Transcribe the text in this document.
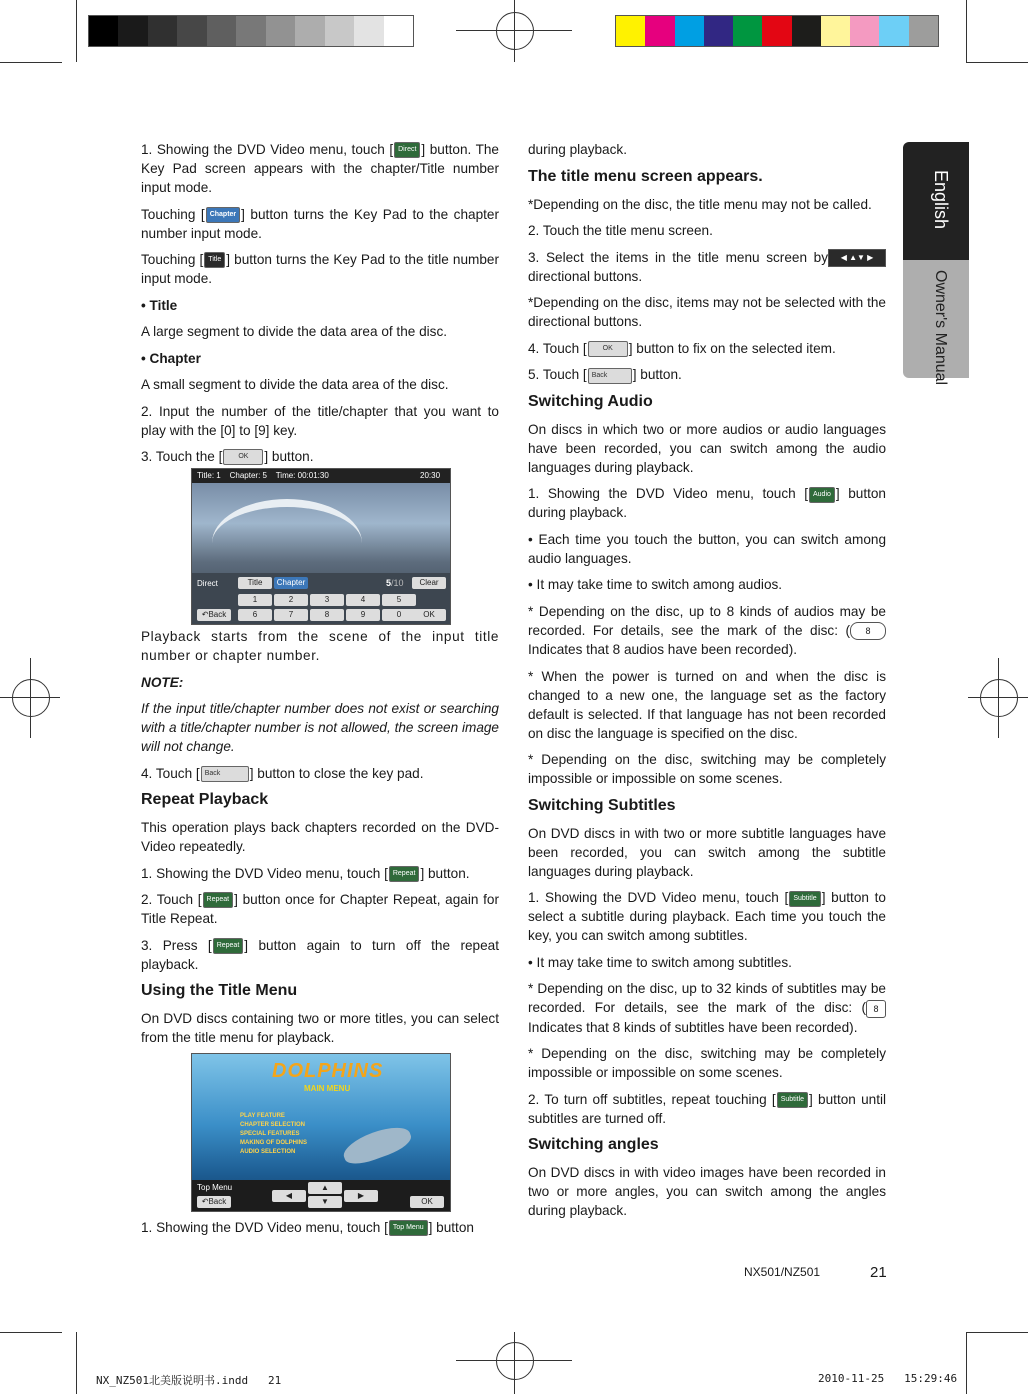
English
Owner's Manual

1. Showing the DVD Video menu, touch [ Direct ] button. The Key Pad screen appears with the chapter/Title number input mode.

Touching [ Chapter ] button turns the Key Pad to the chapter number input mode.

Touching [ Title ] button turns the Key Pad to the title number input mode.

• Title

A large segment to divide the data area of the disc.

• Chapter

A small segment to divide the data area of the disc.

2. Input the number of the title/chapter that you want to play with the [0] to [9] key.

3. Touch the [ OK ] button.

Title: 1    Chapter: 5    Time: 00:01:30	20:30
Direct	Title	Chapter	5/10	Clear
↶Back	OK
1	2	3	4	5
6	7	8	9	0

Playback starts from the scene of the input title number or chapter number.

NOTE:

If the input title/chapter number does not exist or searching with a title/chapter number is not allowed, the screen image will not change.

4. Touch [ Back ] button to close the key pad.

Repeat Playback

This operation plays back chapters recorded on the DVD-Video repeatedly.

1. Showing the DVD Video menu, touch [ Repeat ] button.

2. Touch [ Repeat ] button once for Chapter Repeat, again for Title Repeat.

3. Press [ Repeat ] button again to turn off the repeat playback.

Using the Title Menu

On DVD discs containing two or more titles, you can select from the title menu for playback.

DOLPHINS
MAIN MENU
PLAY FEATURE
CHAPTER SELECTION
SPECIAL FEATURES
MAKING OF DOLPHINS
AUDIO SELECTION
Top Menu
↶Back
◀
▲
▼
▶
OK

1. Showing the DVD Video menu, touch [ Top Menu ] button

during playback.

The title menu screen appears.

*Depending on the disc, the title menu may not be called.

2. Touch the title menu screen.

3. Select the items in the title menu screen by ◀ ▲▼ ▶ directional buttons.

*Depending on the disc, items may not be selected with the directional buttons.

4. Touch [ OK ] button to fix on the selected item.

5. Touch [ Back ] button.

Switching Audio

On discs in which two or more audios or audio languages have been recorded, you can switch among the audio languages during playback.

1. Showing the DVD Video menu, touch [ Audio ] button during playback.

• Each time you touch the button, you can switch among audio languages.

• It may take time to switch among audios.

* Depending on the disc, up to 8 kinds of audios may be recorded. For details, see the mark of the disc: ( 8Indicates that 8 audios have been recorded).

* When the power is turned on and when the disc is changed to a new one, the language set as the factory default is selected. If that language has not been recorded on disc the language is specified on the disc.

* Depending on the disc, switching may be completely impossible or impossible on some scenes.

Switching Subtitles

On DVD discs in with two or more subtitle languages have been recorded, you can switch among the subtitle languages during playback.

1. Showing the DVD Video menu, touch [ Subtitle ] button to select a subtitle during playback. Each time you touch the key, you can switch among subtitles.

• It may take time to switch among subtitles.

* Depending on the disc, up to 32 kinds of subtitles may be recorded. For details, see the mark of the disc: ( 8Indicates that 8 kinds of subtitles have been recorded).

* Depending on the disc, switching may be completely impossible or impossible on some scenes.

2. To turn off subtitles, repeat touching [ Subtitle ] button until subtitles are turned off.

Switching angles

On DVD discs in with video images have been recorded in two or more angles, you can switch among the angles during playback.

NX501/NZ501	21
NX_NZ501北美版说明书.indd   21	2010-11-25   15:29:46
